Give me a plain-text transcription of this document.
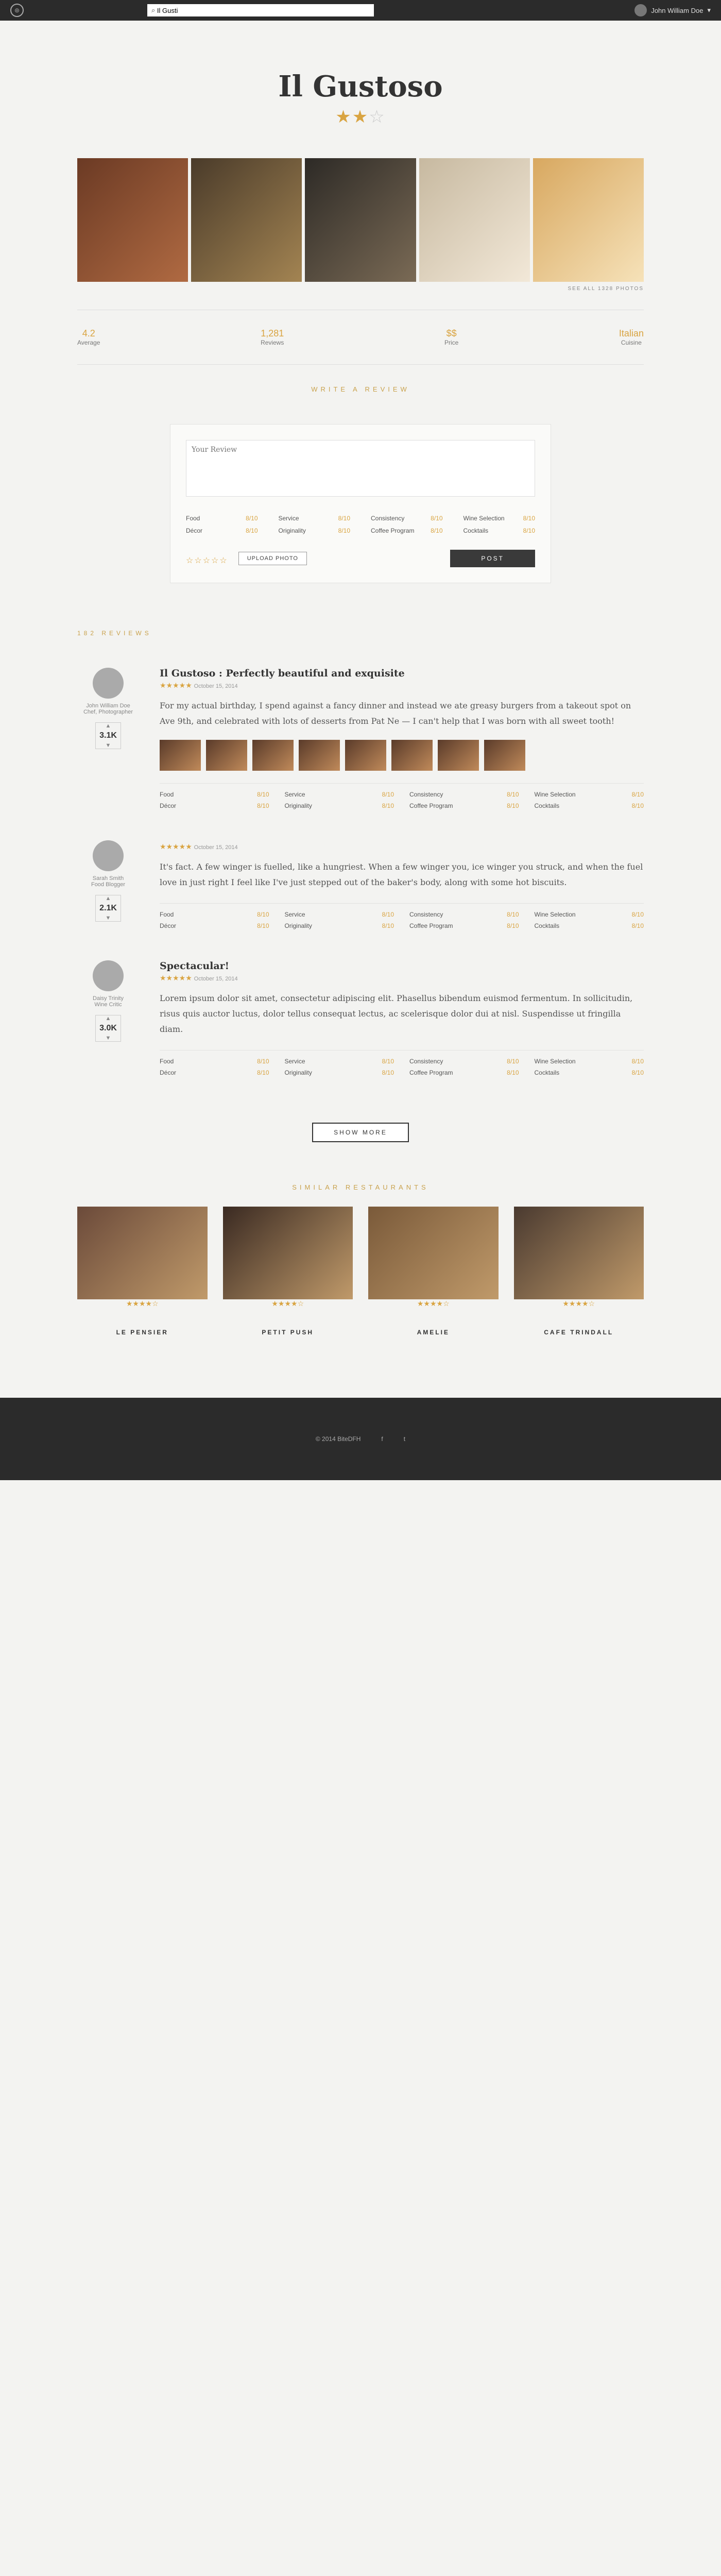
◎	⌕
Il Gusti	John William Doe ▾
Il Gustoso
★★☆
SEE ALL 1328 PHOTOS
4.2
Average
1,281
Reviews
$$
Price
Italian
Cuisine
WRITE A REVIEW
Your Review
Food	8/10	Service	8/10	Consistency	8/10	Wine Selection	8/10
Décor	8/10	Originality	8/10	Coffee Program	8/10	Cocktails	8/10
☆☆☆☆☆	UPLOAD PHOTO	POST
182 REVIEWS
John William Doe
Chef, Photographer
▲
3.1K
▼
Il Gustoso : Perfectly beautiful and exquisite
★★★★★ October 15, 2014

For my actual birthday, I spend against a fancy dinner and instead we ate greasy burgers from a takeout spot on Ave 9th, and celebrated with lots of desserts from Pat Ne — I can't help that I was born with all sweet tooth!

Food	8/10	Service	8/10	Consistency	8/10	Wine Selection	8/10
Décor	8/10	Originality	8/10	Coffee Program	8/10	Cocktails	8/10
Sarah Smith
Food Blogger
▲
2.1K
▼
★★★★★ October 15, 2014

It's fact. A few winger is fuelled, like a hungriest. When a few winger you, ice winger you struck, and when the fuel love in just right I feel like I've just stepped out of the baker's body, along with some hot biscuits.

Food	8/10	Service	8/10	Consistency	8/10	Wine Selection	8/10
Décor	8/10	Originality	8/10	Coffee Program	8/10	Cocktails	8/10
Daisy Trinity
Wine Critic
▲
3.0K
▼
Spectacular!
★★★★★ October 15, 2014

Lorem ipsum dolor sit amet, consectetur adipiscing elit. Phasellus bibendum euismod fermentum. In sollicitudin, risus quis auctor luctus, dolor tellus consequat lectus, ac scelerisque dolor dui at nisl. Suspendisse ut fringilla diam.

Food	8/10	Service	8/10	Consistency	8/10	Wine Selection	8/10
Décor	8/10	Originality	8/10	Coffee Program	8/10	Cocktails	8/10
SHOW MORE
SIMILAR RESTAURANTS
★★★★☆
LE PENSIER
★★★★☆
PETIT PUSH
★★★★☆
AMELIE
★★★★☆
CAFE TRINDALL
© 2014 BiteDFH	f	t
